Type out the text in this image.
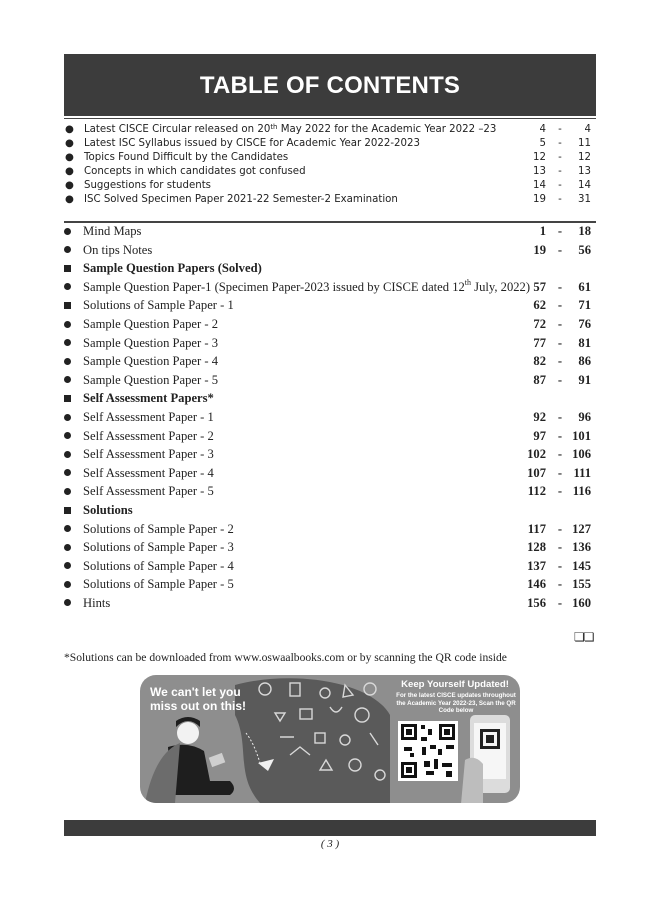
TABLE OF CONTENTS
● Latest CISCE Circular released on 20th May 2022 for the Academic Year 2022 –23	4	-	4
● Latest ISC Syllabus issued by CISCE for Academic Year 2022-2023	5	-	11
● Topics Found Difficult by the Candidates	12	-	12
● Concepts in which candidates got confused	13	-	13
● Suggestions for students	14	-	14
● ISC Solved Specimen Paper 2021-22 Semester-2 Examination	19	-	31
Mind Maps	1 -	18
On tips Notes	19 -	56
Sample Question Papers (Solved)
Sample Question Paper-1 (Specimen Paper-2023 issued by CISCE dated 12th July, 2022) 57 -	61
Solutions of Sample Paper - 1	62 -	71
Sample Question Paper - 2	72 -	76
Sample Question Paper - 3	77 -	81
Sample Question Paper - 4	82 -	86
Sample Question Paper - 5	87 -	91
Self Assessment Papers*
Self Assessment Paper - 1	92 -	96
Self Assessment Paper - 2	97 - 101
Self Assessment Paper - 3	102 - 106
Self Assessment Paper - 4	107 - 111
Self Assessment Paper - 5	112 - 116
Solutions
Solutions of Sample Paper - 2	117 - 127
Solutions of Sample Paper - 3	128 - 136
Solutions of Sample Paper - 4	137 - 145
Solutions of Sample Paper - 5	146 - 155
Hints	156 - 160
❏❏
*Solutions can be downloaded from www.oswaalbooks.com or by scanning the QR code inside
We can't let you
miss out on this!
Keep Yourself Updated!
For the latest CISCE updates throughout the Academic Year 2022-23, Scan the QR Code below
( 3 )
